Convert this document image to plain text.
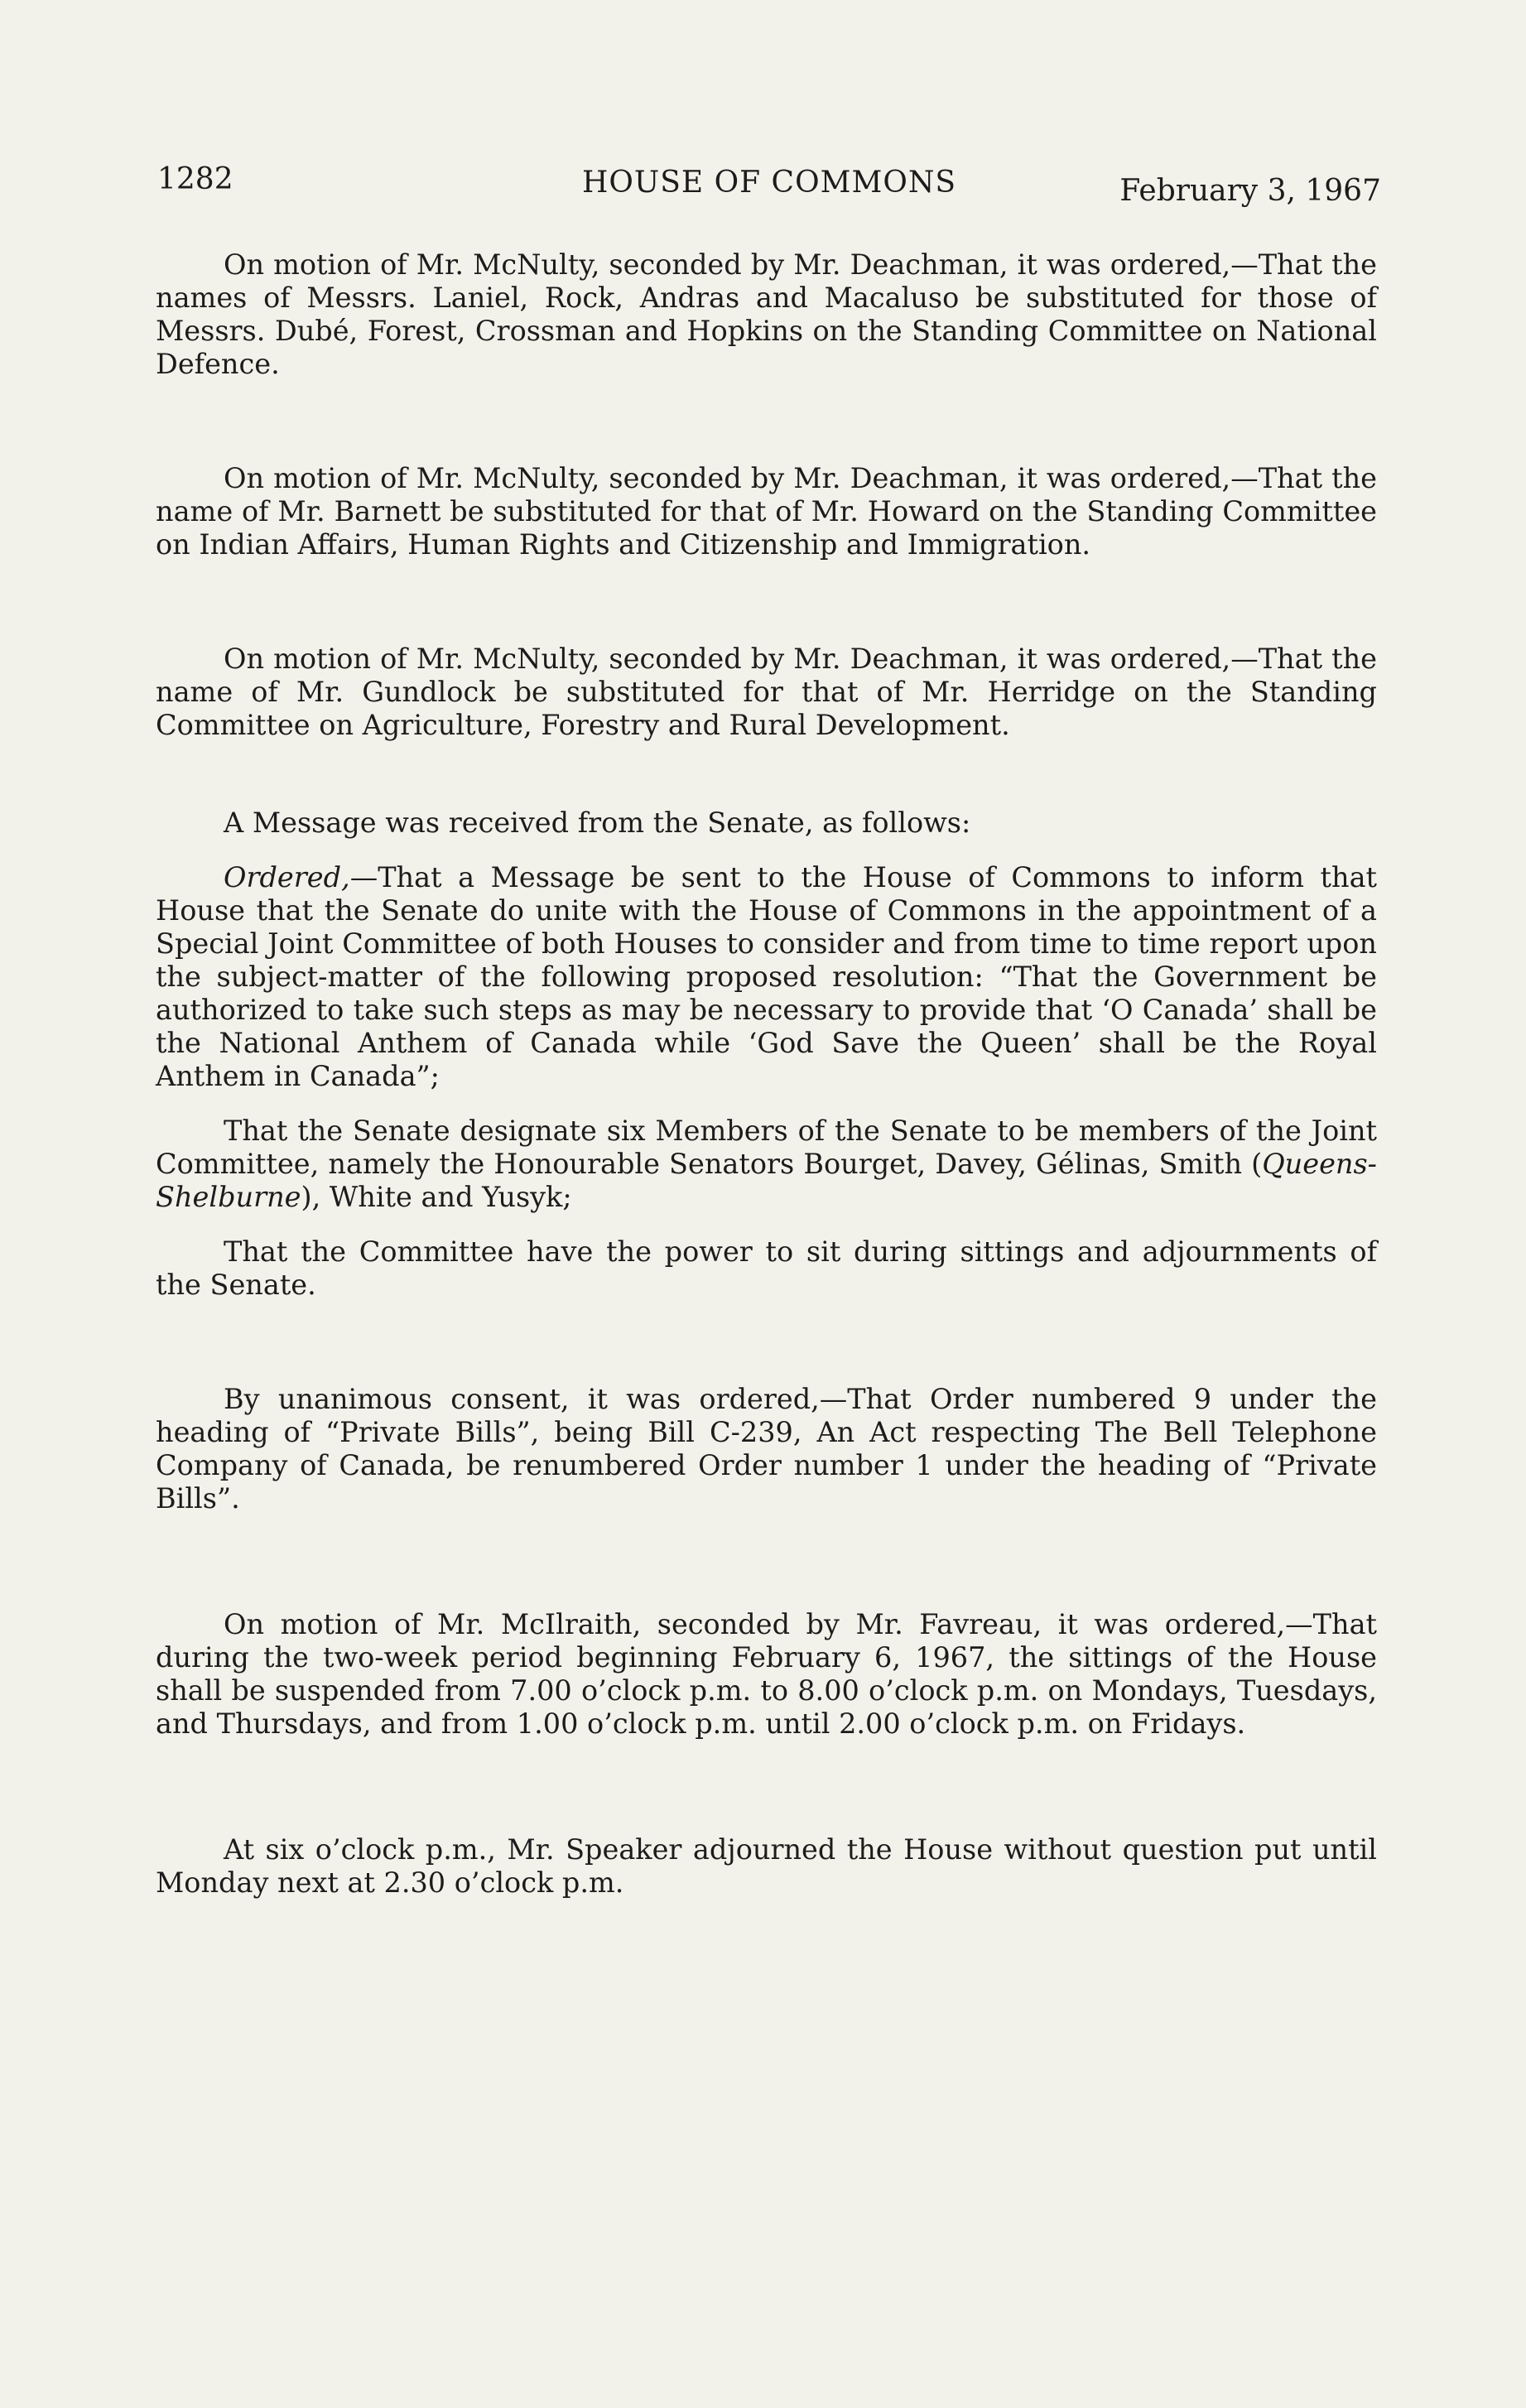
1282	HOUSE OF COMMONS	February 3, 1967

On motion of Mr. McNulty, seconded by Mr. Deachman, it was ordered,—That the names of Messrs. Laniel, Rock, Andras and Macaluso be substituted for those of Messrs. Dubé, Forest, Crossman and Hopkins on the Standing Committee on National Defence.

On motion of Mr. McNulty, seconded by Mr. Deachman, it was ordered,—That the name of Mr. Barnett be substituted for that of Mr. Howard on the Standing Committee on Indian Affairs, Human Rights and Citizenship and Immigration.

On motion of Mr. McNulty, seconded by Mr. Deachman, it was ordered,—That the name of Mr. Gundlock be substituted for that of Mr. Herridge on the Standing Committee on Agriculture, Forestry and Rural Development.

A Message was received from the Senate, as follows:

Ordered,—That a Message be sent to the House of Commons to inform that House that the Senate do unite with the House of Commons in the appointment of a Special Joint Committee of both Houses to consider and from time to time report upon the subject-matter of the following proposed resolution: “That the Government be authorized to take such steps as may be necessary to provide that ‘O Canada’ shall be the National Anthem of Canada while ‘God Save the Queen’ shall be the Royal Anthem in Canada”;

That the Senate designate six Members of the Senate to be members of the Joint Committee, namely the Honourable Senators Bourget, Davey, Gélinas, Smith (Queens-Shelburne), White and Yusyk;

That the Committee have the power to sit during sittings and adjournments of the Senate.

By unanimous consent, it was ordered,—That Order numbered 9 under the heading of “Private Bills”, being Bill C-239, An Act respecting The Bell Telephone Company of Canada, be renumbered Order number 1 under the heading of “Private Bills”.

On motion of Mr. McIlraith, seconded by Mr. Favreau, it was ordered,—That during the two-week period beginning February 6, 1967, the sittings of the House shall be suspended from 7.00 o’clock p.m. to 8.00 o’clock p.m. on Mondays, Tuesdays, and Thursdays, and from 1.00 o’clock p.m. until 2.00 o’clock p.m. on Fridays.

At six o’clock p.m., Mr. Speaker adjourned the House without question put until Monday next at 2.30 o’clock p.m.
